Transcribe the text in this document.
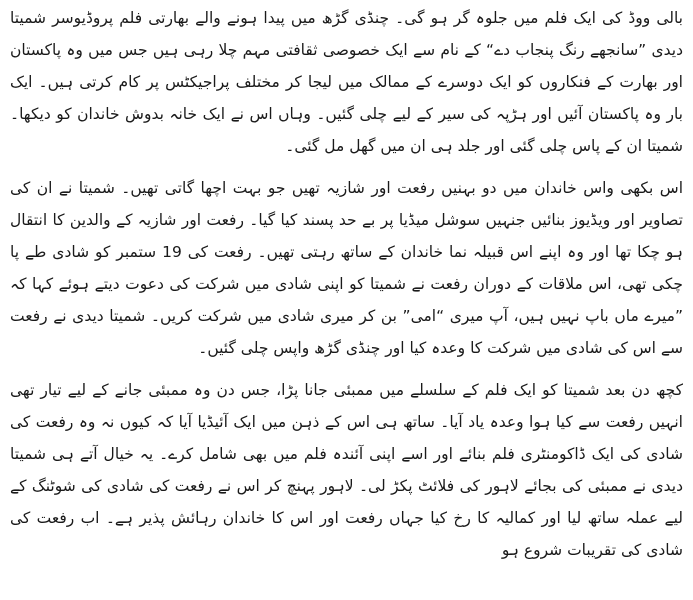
بالی ووڈ کی ایک فلم میں جلوہ گر ہو گی۔ چنڈی گڑھ میں پیدا ہونے والے بھارتی فلم پروڈیوسر شمیتا دیدی ”سانجھے رنگ پنجاب دے“ کے نام سے ایک خصوصی ثقافتی مہم چلا رہی ہیں جس میں وہ پاکستان اور بھارت کے فنکاروں کو ایک دوسرے کے ممالک میں لیجا کر مختلف پراجیکٹس پر کام کرتی ہیں۔ ایک بار وہ پاکستان آئیں اور ہڑپہ کی سیر کے لیے چلی گئیں۔ وہاں اس نے ایک خانہ بدوش خاندان کو دیکھا۔ شمیتا ان کے پاس چلی گئی اور جلد ہی ان میں گھل مل گئی۔

اس بکھی واس خاندان میں دو بہنیں رفعت اور شازیہ تھیں جو بہت اچھا گاتی تھیں۔ شمیتا نے ان کی تصاویر اور ویڈیوز بنائیں جنہیں سوشل میڈیا پر بے حد پسند کیا گیا۔ رفعت اور شازیہ کے والدین کا انتقال ہو چکا تھا اور وہ اپنے اس قبیلہ نما خاندان کے ساتھ رہتی تھیں۔ رفعت کی 19 ستمبر کو شادی طے پا چکی تھی، اس ملاقات کے دوران رفعت نے شمیتا کو اپنی شادی میں شرکت کی دعوت دیتے ہوئے کہا کہ ”میرے ماں باپ نہیں ہیں، آپ میری “امی” بن کر میری شادی میں شرکت کریں۔ شمیتا دیدی نے رفعت سے اس کی شادی میں شرکت کا وعدہ کیا اور چنڈی گڑھ واپس چلی گئیں۔

کچھ دن بعد شمیتا کو ایک فلم کے سلسلے میں ممبئی جانا پڑا، جس دن وہ ممبئی جانے کے لیے تیار تھی انہیں رفعت سے کیا ہوا وعدہ یاد آیا۔ ساتھ ہی اس کے ذہن میں ایک آئیڈیا آیا کہ کیوں نہ وہ رفعت کی شادی کی ایک ڈاکومنٹری فلم بنائے اور اسے اپنی آئندہ فلم میں بھی شامل کرے۔ یہ خیال آتے ہی شمیتا دیدی نے ممبئی کی بجائے لاہور کی فلائٹ پکڑ لی۔ لاہور پہنچ کر اس نے رفعت کی شادی کی شوٹنگ کے لیے عملہ ساتھ لیا اور کمالیہ کا رخ کیا جہاں رفعت اور اس کا خاندان رہائش پذیر ہے۔ اب رفعت کی شادی کی تقریبات شروع ہو
